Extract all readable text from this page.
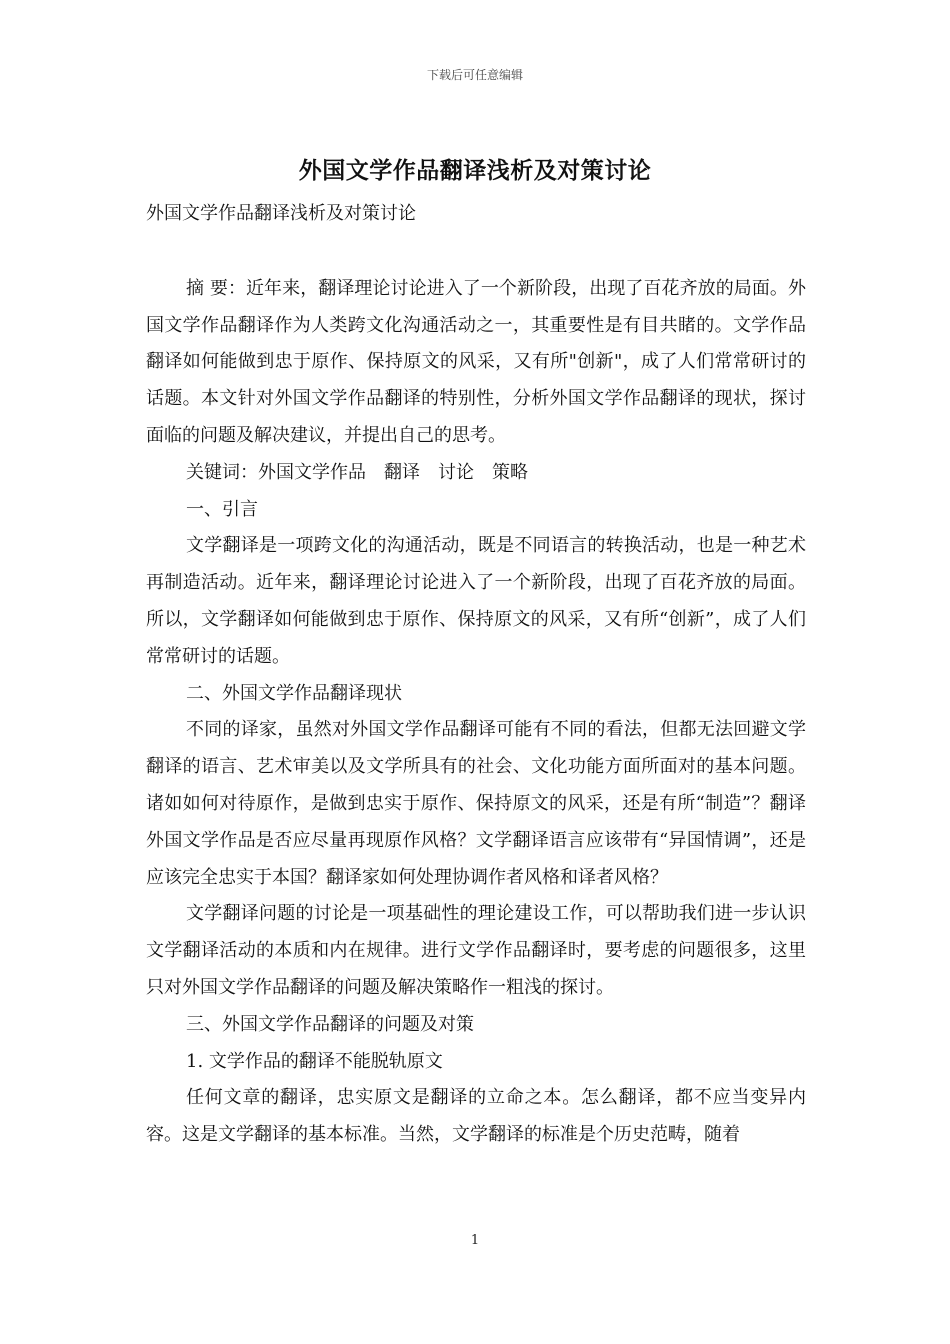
下载后可任意编辑
外国文学作品翻译浅析及对策讨论

外国文学作品翻译浅析及对策讨论

摘 要：近年来，翻译理论讨论进入了一个新阶段，出现了百花齐放的局面。外国文学作品翻译作为人类跨文化沟通活动之一，其重要性是有目共睹的。文学作品翻译如何能做到忠于原作、保持原文的风采，又有所"创新"，成了人们常常研讨的话题。本文针对外国文学作品翻译的特别性，分析外国文学作品翻译的现状，探讨面临的问题及解决建议，并提出自己的思考。

关键词：外国文学作品　翻译　讨论　策略

一、引言

文学翻译是一项跨文化的沟通活动，既是不同语言的转换活动，也是一种艺术再制造活动。近年来，翻译理论讨论进入了一个新阶段，出现了百花齐放的局面。所以，文学翻译如何能做到忠于原作、保持原文的风采，又有所“创新”，成了人们常常研讨的话题。

二、外国文学作品翻译现状

不同的译家，虽然对外国文学作品翻译可能有不同的看法，但都无法回避文学翻译的语言、艺术审美以及文学所具有的社会、文化功能方面所面对的基本问题。诸如如何对待原作，是做到忠实于原作、保持原文的风采，还是有所“制造”？翻译外国文学作品是否应尽量再现原作风格？文学翻译语言应该带有“异国情调”，还是应该完全忠实于本国？翻译家如何处理协调作者风格和译者风格？

文学翻译问题的讨论是一项基础性的理论建设工作，可以帮助我们进一步认识文学翻译活动的本质和内在规律。进行文学作品翻译时，要考虑的问题很多，这里只对外国文学作品翻译的问题及解决策略作一粗浅的探讨。

三、外国文学作品翻译的问题及对策

1. 文学作品的翻译不能脱轨原文

任何文章的翻译，忠实原文是翻译的立命之本。怎么翻译，都不应当变异内容。这是文学翻译的基本标准。当然，文学翻译的标准是个历史范畴，随着

1
